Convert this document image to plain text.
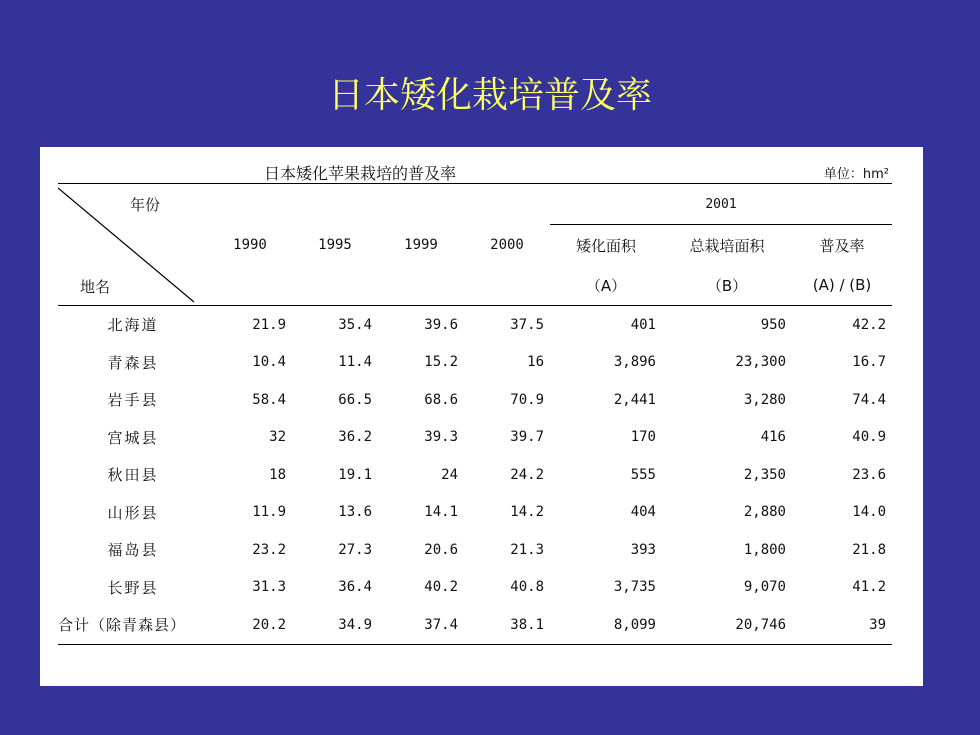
日本矮化栽培普及率
日本矮化苹果栽培的普及率	单位：hm²
年份
地名	1990	1995	1999	2000	2001		
					矮化面积	总栽培面积	普及率
					（A）	（B）	(A) / (B)
北海道	21.9	35.4	39.6	37.5	401	950	42.2
青森县	10.4	11.4	15.2	16	3,896	23,300	16.7
岩手县	58.4	66.5	68.6	70.9	2,441	3,280	74.4
宫城县	32	36.2	39.3	39.7	170	416	40.9
秋田县	18	19.1	24	24.2	555	2,350	23.6
山形县	11.9	13.6	14.1	14.2	404	2,880	14.0
福岛县	23.2	27.3	20.6	21.3	393	1,800	21.8
长野县	31.3	36.4	40.2	40.8	3,735	9,070	41.2
合计（除青森县）	20.2	34.9	37.4	38.1	8,099	20,746	39
